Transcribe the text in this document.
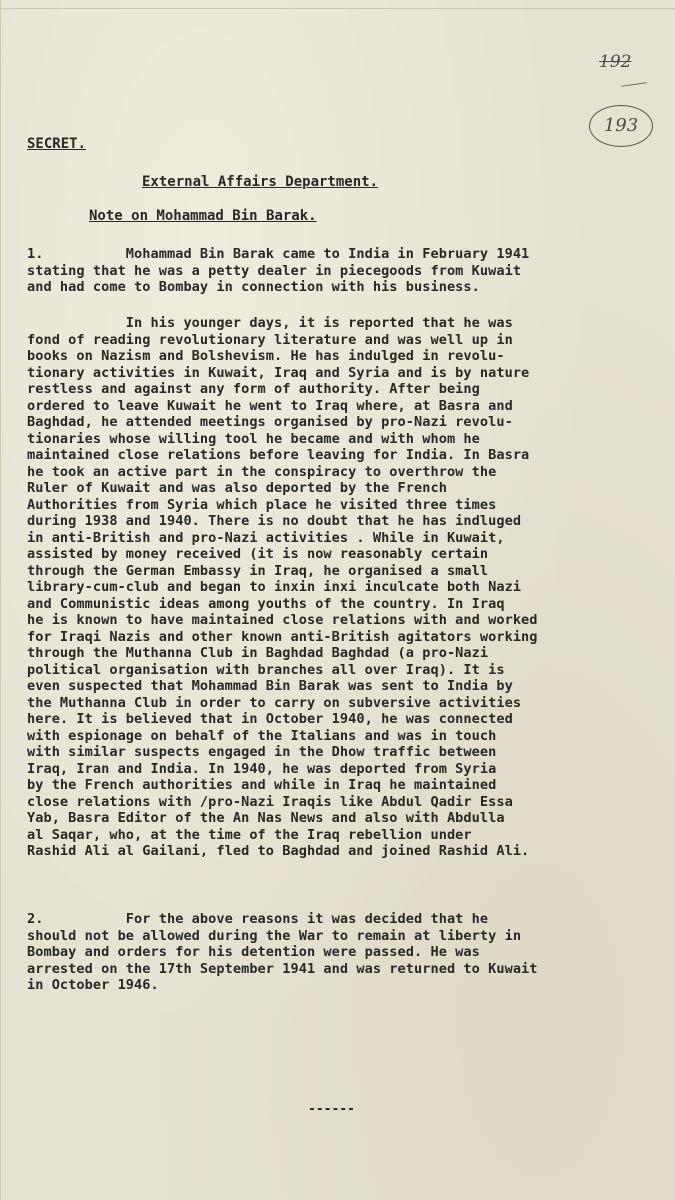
192
193
SECRET.
External Affairs Department.
Note on Mohammad Bin Barak.
1.          Mohammad Bin Barak came to India in February 1941
stating that he was a petty dealer in piecegoods from Kuwait
and had come to Bombay in connection with his business.
In his younger days, it is reported that he was
fond of reading revolutionary literature and was well up in
books on Nazism and Bolshevism. He has indulged in revolu-
tionary activities in Kuwait, Iraq and Syria and is by nature
restless and against any form of authority. After being
ordered to leave Kuwait he went to Iraq where, at Basra and
Baghdad, he attended meetings organised by pro-Nazi revolu-
tionaries whose willing tool he became and with whom he
maintained close relations before leaving for India. In Basra
he took an active part in the conspiracy to overthrow the
Ruler of Kuwait and was also deported by the French
Authorities from Syria which place he visited three times
during 1938 and 1940. There is no doubt that he has indluged
in anti-British and pro-Nazi activities . While in Kuwait,
assisted by money received (it is now reasonably certain
through the German Embassy in Iraq, he organised a small
library-cum-club and began to inxin inxi inculcate both Nazi
and Communistic ideas among youths of the country. In Iraq
he is known to have maintained close relations with and worked
for Iraqi Nazis and other known anti-British agitators working
through the Muthanna Club in Baghdad Baghdad (a pro-Nazi
political organisation with branches all over Iraq). It is
even suspected that Mohammad Bin Barak was sent to India by
the Muthanna Club in order to carry on subversive activities
here. It is believed that in October 1940, he was connected
with espionage on behalf of the Italians and was in touch
with similar suspects engaged in the Dhow traffic between
Iraq, Iran and India. In 1940, he was deported from Syria
by the French authorities and while in Iraq he maintained
close relations with /pro-Nazi Iraqis like Abdul Qadir Essa
Yab, Basra Editor of the An Nas News and also with Abdulla
al Saqar, who, at the time of the Iraq rebellion under
Rashid Ali al Gailani, fled to Baghdad and joined Rashid Ali.
2.          For the above reasons it was decided that he
should not be allowed during the War to remain at liberty in
Bombay and orders for his detention were passed. He was
arrested on the 17th September 1941 and was returned to Kuwait
in October 1946.
------
